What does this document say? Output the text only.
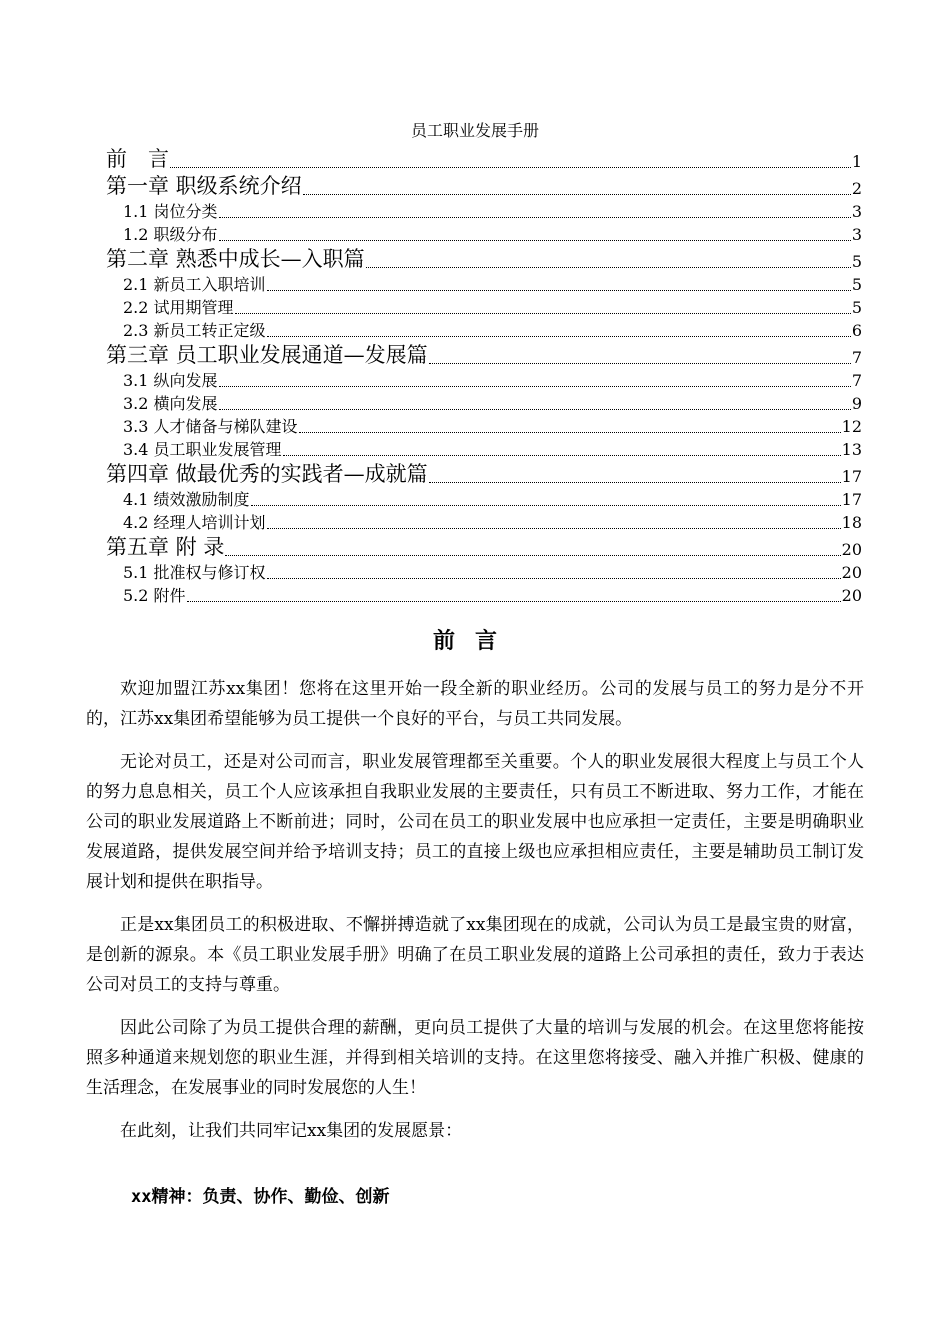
员工职业发展手册
前　言	1
第一章 职级系统介绍	2
1.1 岗位分类	3
1.2 职级分布	3
第二章 熟悉中成长—入职篇	5
2.1 新员工入职培训	5
2.2 试用期管理	5
2.3 新员工转正定级	6
第三章 员工职业发展通道—发展篇	7
3.1 纵向发展	7
3.2 横向发展	9
3.3 人才储备与梯队建设	12
3.4 员工职业发展管理	13
第四章 做最优秀的实践者—成就篇	17
4.1 绩效激励制度	17
4.2 经理人培训计划	18
第五章 附 录	20
5.1 批准权与修订权	20
5.2 附件	20
前言

欢迎加盟江苏xx集团！您将在这里开始一段全新的职业经历。公司的发展与员工的努力是分不开的，江苏xx集团希望能够为员工提供一个良好的平台，与员工共同发展。

无论对员工，还是对公司而言，职业发展管理都至关重要。个人的职业发展很大程度上与员工个人的努力息息相关，员工个人应该承担自我职业发展的主要责任，只有员工不断进取、努力工作，才能在公司的职业发展道路上不断前进；同时，公司在员工的职业发展中也应承担一定责任，主要是明确职业发展道路，提供发展空间并给予培训支持；员工的直接上级也应承担相应责任，主要是辅助员工制订发展计划和提供在职指导。

正是xx集团员工的积极进取、不懈拼搏造就了xx集团现在的成就，公司认为员工是最宝贵的财富，是创新的源泉。本《员工职业发展手册》明确了在员工职业发展的道路上公司承担的责任，致力于表达公司对员工的支持与尊重。

因此公司除了为员工提供合理的薪酬，更向员工提供了大量的培训与发展的机会。在这里您将能按照多种通道来规划您的职业生涯，并得到相关培训的支持。在这里您将接受、融入并推广积极、健康的生活理念，在发展事业的同时发展您的人生！

在此刻，让我们共同牢记xx集团的发展愿景：

xx精神：负责、协作、勤俭、创新
